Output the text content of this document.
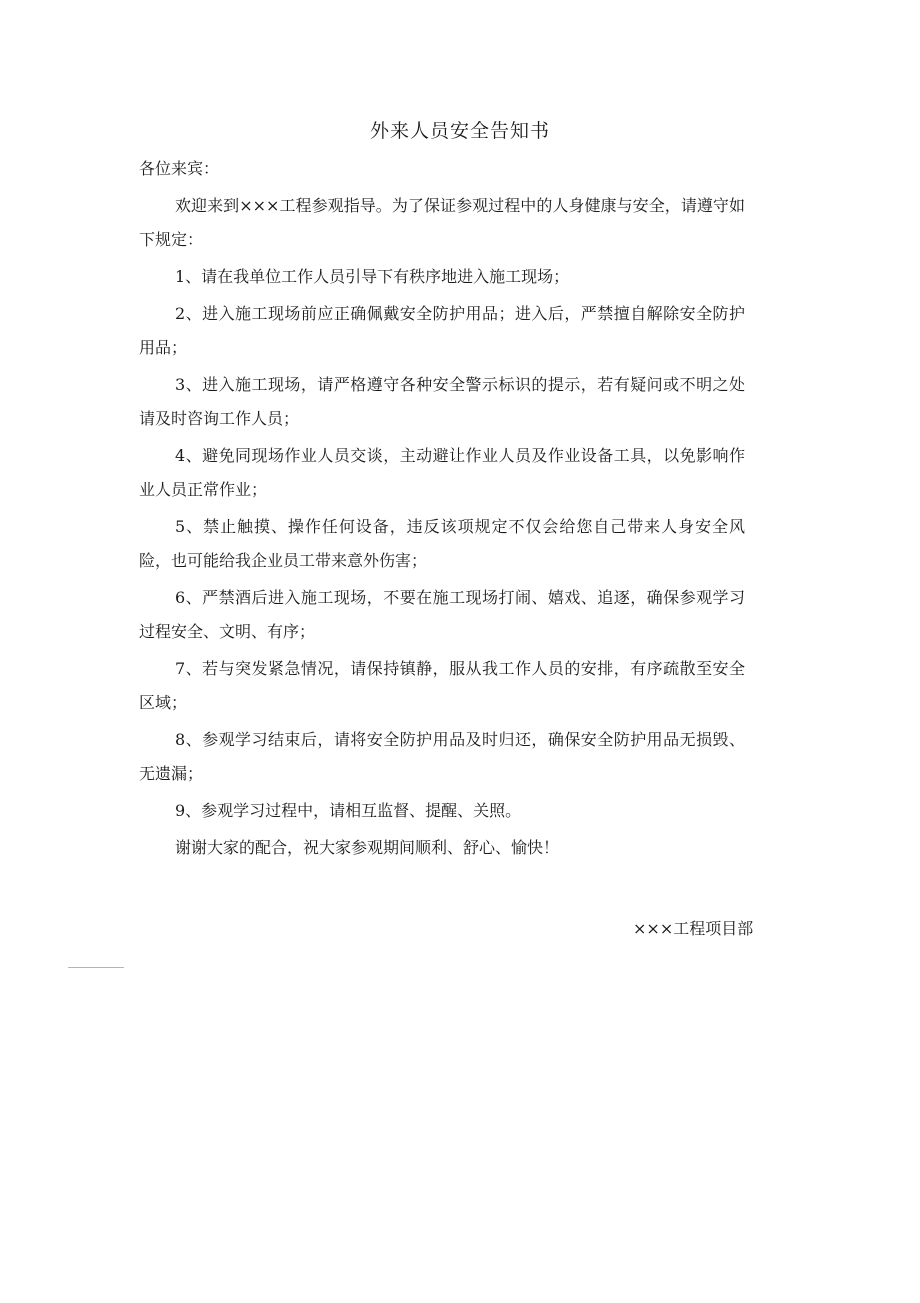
外来人员安全告知书
各位来宾：

欢迎来到×××工程参观指导。为了保证参观过程中的人身健康与安全，请遵守如下规定：

1、请在我单位工作人员引导下有秩序地进入施工现场；

2、进入施工现场前应正确佩戴安全防护用品；进入后，严禁擅自解除安全防护用品；

3、进入施工现场，请严格遵守各种安全警示标识的提示，若有疑问或不明之处请及时咨询工作人员；

4、避免同现场作业人员交谈，主动避让作业人员及作业设备工具，以免影响作业人员正常作业；

5、禁止触摸、操作任何设备，违反该项规定不仅会给您自己带来人身安全风险，也可能给我企业员工带来意外伤害；

6、严禁酒后进入施工现场，不要在施工现场打闹、嬉戏、追逐，确保参观学习过程安全、文明、有序；

7、若与突发紧急情况，请保持镇静，服从我工作人员的安排，有序疏散至安全区域；

8、参观学习结束后，请将安全防护用品及时归还，确保安全防护用品无损毁、无遗漏；

9、参观学习过程中，请相互监督、提醒、关照。

谢谢大家的配合，祝大家参观期间顺利、舒心、愉快！

×××工程项目部
